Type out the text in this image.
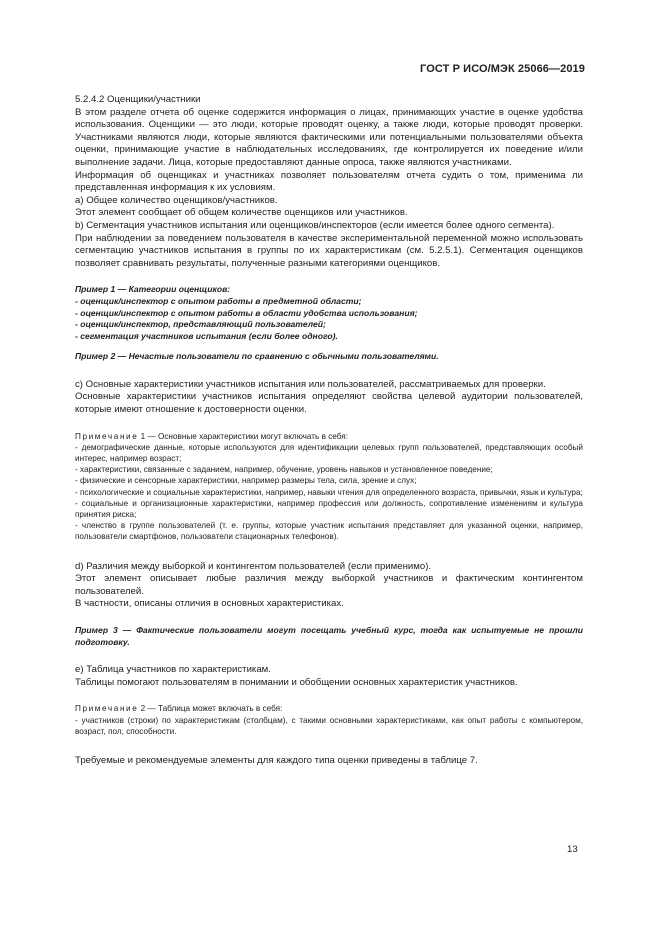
ГОСТ Р ИСО/МЭК 25066—2019

5.2.4.2 Оценщики/участники

В этом разделе отчета об оценке содержится информация о лицах, принимающих участие в оценке удобства использования. Оценщики — это люди, которые проводят оценку, а также люди, которые проводят проверки. Участниками являются люди, которые являются фактическими или потенциальными пользователями объекта оценки, принимающие участие в наблюдательных исследованиях, где контролируется их поведение и/или выполнение задачи. Лица, которые предоставляют данные опроса, также являются участниками.

Информация об оценщиках и участниках позволяет пользователям отчета судить о том, применима ли представленная информация к их условиям.

a) Общее количество оценщиков/участников.

Этот элемент сообщает об общем количестве оценщиков или участников.

b) Сегментация участников испытания или оценщиков/инспекторов (если имеется более одного сегмента).

При наблюдении за поведением пользователя в качестве экспериментальной переменной можно использовать сегментацию участников испытания в группы по их характеристикам (см. 5.2.5.1). Сегментация оценщиков позволяет сравнивать результаты, полученные разными категориями оценщиков.

Пример 1 — Категории оценщиков:

- оценщик/инспектор с опытом работы в предметной области;

- оценщик/инспектор с опытом работы в области удобства использования;

- оценщик/инспектор, представляющий пользователей;

- сегментация участников испытания (если более одного).

Пример 2 — Нечастые пользователи по сравнению с обычными пользователями.

c) Основные характеристики участников испытания или пользователей, рассматриваемых для проверки.

Основные характеристики участников испытания определяют свойства целевой аудитории пользователей, которые имеют отношение к достоверности оценки.

Примечание 1 — Основные характеристики могут включать в себя:

- демографические данные, которые используются для идентификации целевых групп пользователей, представляющих особый интерес, например возраст;

- характеристики, связанные с заданием, например, обучение, уровень навыков и установленное поведение;

- физические и сенсорные характеристики, например размеры тела, сила, зрение и слух;

- психологические и социальные характеристики, например, навыки чтения для определенного возраста, привычки, язык и культура;

- социальные и организационные характеристики, например профессия или должность, сопротивление изменениям и культура принятия риска;

- членство в группе пользователей (т. е. группы, которые участник испытания представляет для указанной оценки, например, пользователи смартфонов, пользователи стационарных телефонов).

d) Различия между выборкой и контингентом пользователей (если применимо).

Этот элемент описывает любые различия между выборкой участников и фактическим контингентом пользователей.

В частности, описаны отличия в основных характеристиках.

Пример 3 — Фактические пользователи могут посещать учебный курс, тогда как испытуемые не прошли подготовку.

e) Таблица участников по характеристикам.

Таблицы помогают пользователям в понимании и обобщении основных характеристик участников.

Примечание 2 — Таблица может включать в себя:

- участников (строки) по характеристикам (столбцам), с такими основными характеристиками, как опыт работы с компьютером, возраст, пол, способности.

Требуемые и рекомендуемые элементы для каждого типа оценки приведены в таблице 7.

13
